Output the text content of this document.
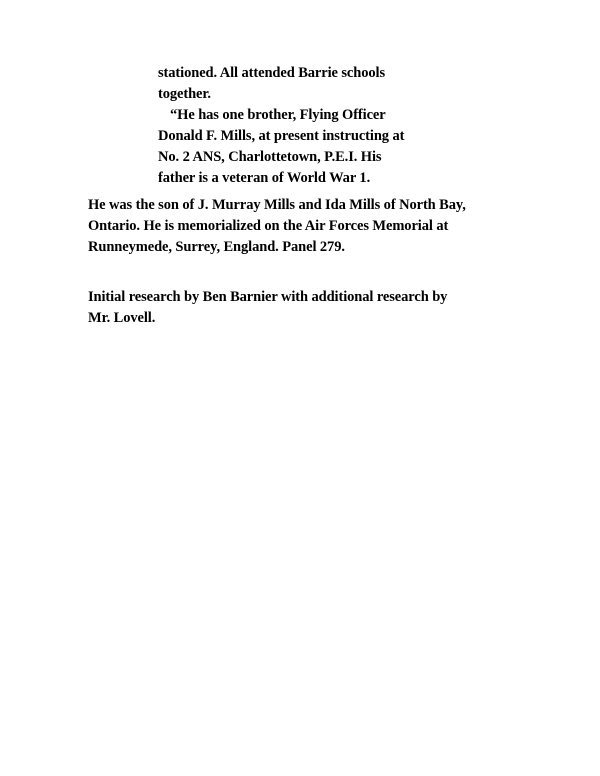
stationed. All attended Barrie schools

together.

“He has one brother, Flying Officer

Donald F. Mills, at present instructing at

No. 2 ANS, Charlottetown, P.E.I. His

father is a veteran of World War 1.

He was the son of J. Murray Mills and Ida Mills of North Bay,

Ontario. He is memorialized on the Air Forces Memorial at

Runneymede, Surrey, England. Panel 279.

Initial research by Ben Barnier with additional research by

Mr. Lovell.
